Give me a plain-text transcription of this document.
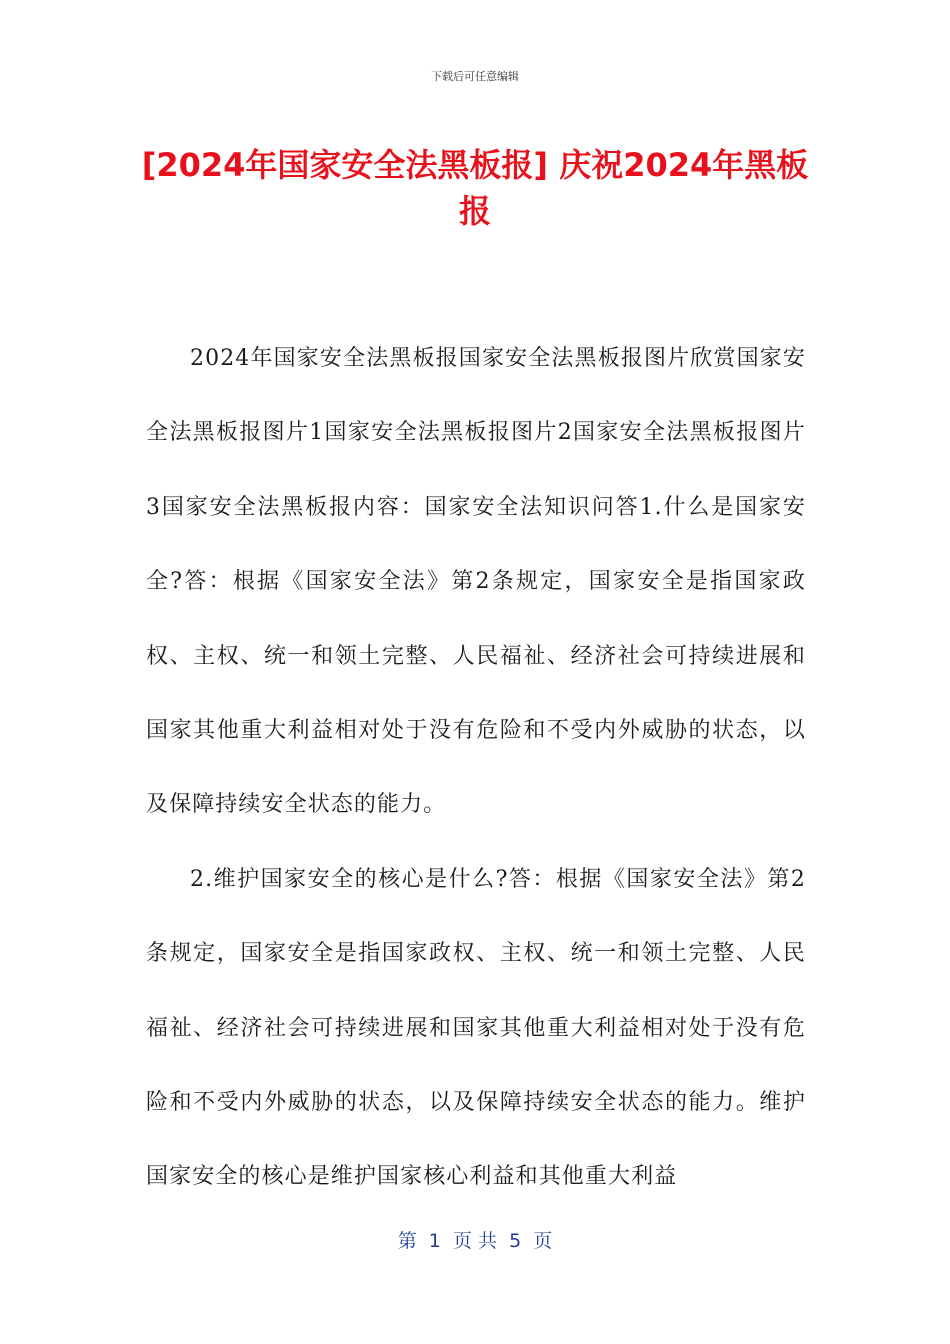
下载后可任意编辑
[2024年国家安全法黑板报] 庆祝2024年黑板报

2024年国家安全法黑板报国家安全法黑板报图片欣赏国家安全法黑板报图片1国家安全法黑板报图片2国家安全法黑板报图片3国家安全法黑板报内容：国家安全法知识问答1.什么是国家安全?答：根据《国家安全法》第2条规定，国家安全是指国家政权、主权、统一和领土完整、人民福祉、经济社会可持续进展和国家其他重大利益相对处于没有危险和不受内外威胁的状态，以及保障持续安全状态的能力。

2.维护国家安全的核心是什么?答：根据《国家安全法》第2条规定，国家安全是指国家政权、主权、统一和领土完整、人民福祉、经济社会可持续进展和国家其他重大利益相对处于没有危险和不受内外威胁的状态，以及保障持续安全状态的能力。维护国家安全的核心是维护国家核心利益和其他重大利益

第  1  页 共  5  页
